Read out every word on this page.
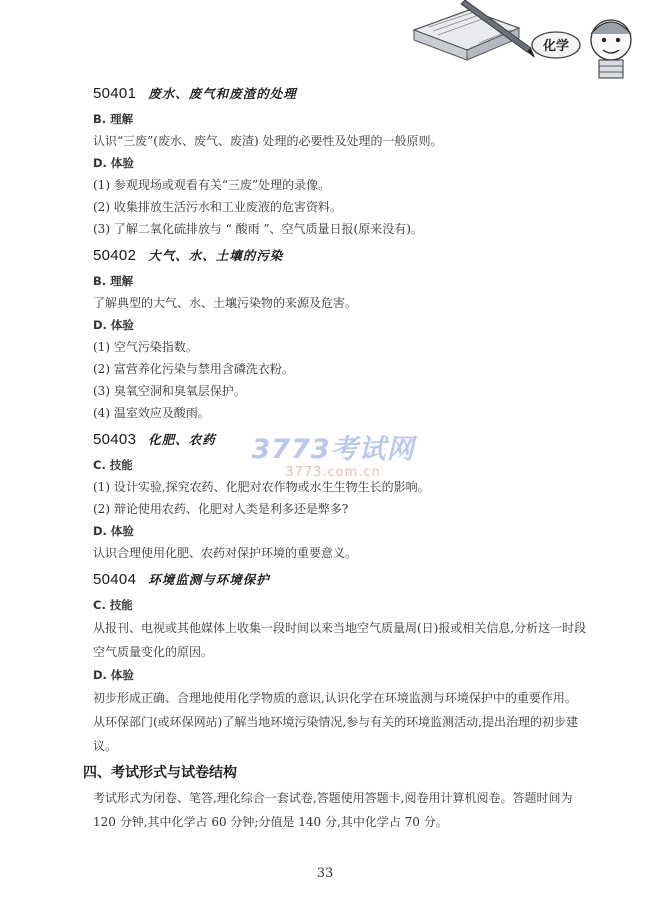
化学
50401 废水、废气和废渣的处理
B. 理解
认识“三废”(废水、废气、废渣) 处理的必要性及处理的一般原则。
D. 体验
(1) 参观现场或观看有关“三废”处理的录像。
(2) 收集排放生活污水和工业废液的危害资料。
(3) 了解二氧化硫排放与 “ 酸雨 ”、空气质量日报(原来没有)。
50402 大气、水、土壤的污染
B. 理解
了解典型的大气、水、土壤污染物的来源及危害。
D. 体验
(1) 空气污染指数。
(2) 富营养化污染与禁用含磷洗衣粉。
(3) 臭氧空洞和臭氧层保护。
(4) 温室效应及酸雨。
50403 化肥、农药
C. 技能
(1) 设计实验,探究农药、化肥对农作物或水生生物生长的影响。
(2) 辩论使用农药、化肥对人类是利多还是弊多?
D. 体验
认识合理使用化肥、农药对保护环境的重要意义。
50404 环境监测与环境保护
C. 技能

从报刊、电视或其他媒体上收集一段时间以来当地空气质量周(日)报或相关信息,分析这一时段空气质量变化的原因。

D. 体验

初步形成正确、合理地使用化学物质的意识,认识化学在环境监测与环境保护中的重要作用。

从环保部门(或环保网站)了解当地环境污染情况,参与有关的环境监测活动,提出治理的初步建议。

四、考试形式与试卷结构

考试形式为闭卷、笔答,理化综合一套试卷,答题使用答题卡,阅卷用计算机阅卷。答题时间为 120 分钟,其中化学占 60 分钟;分值是 140 分,其中化学占 70 分。

3773考试网
3773.com.cn
33
